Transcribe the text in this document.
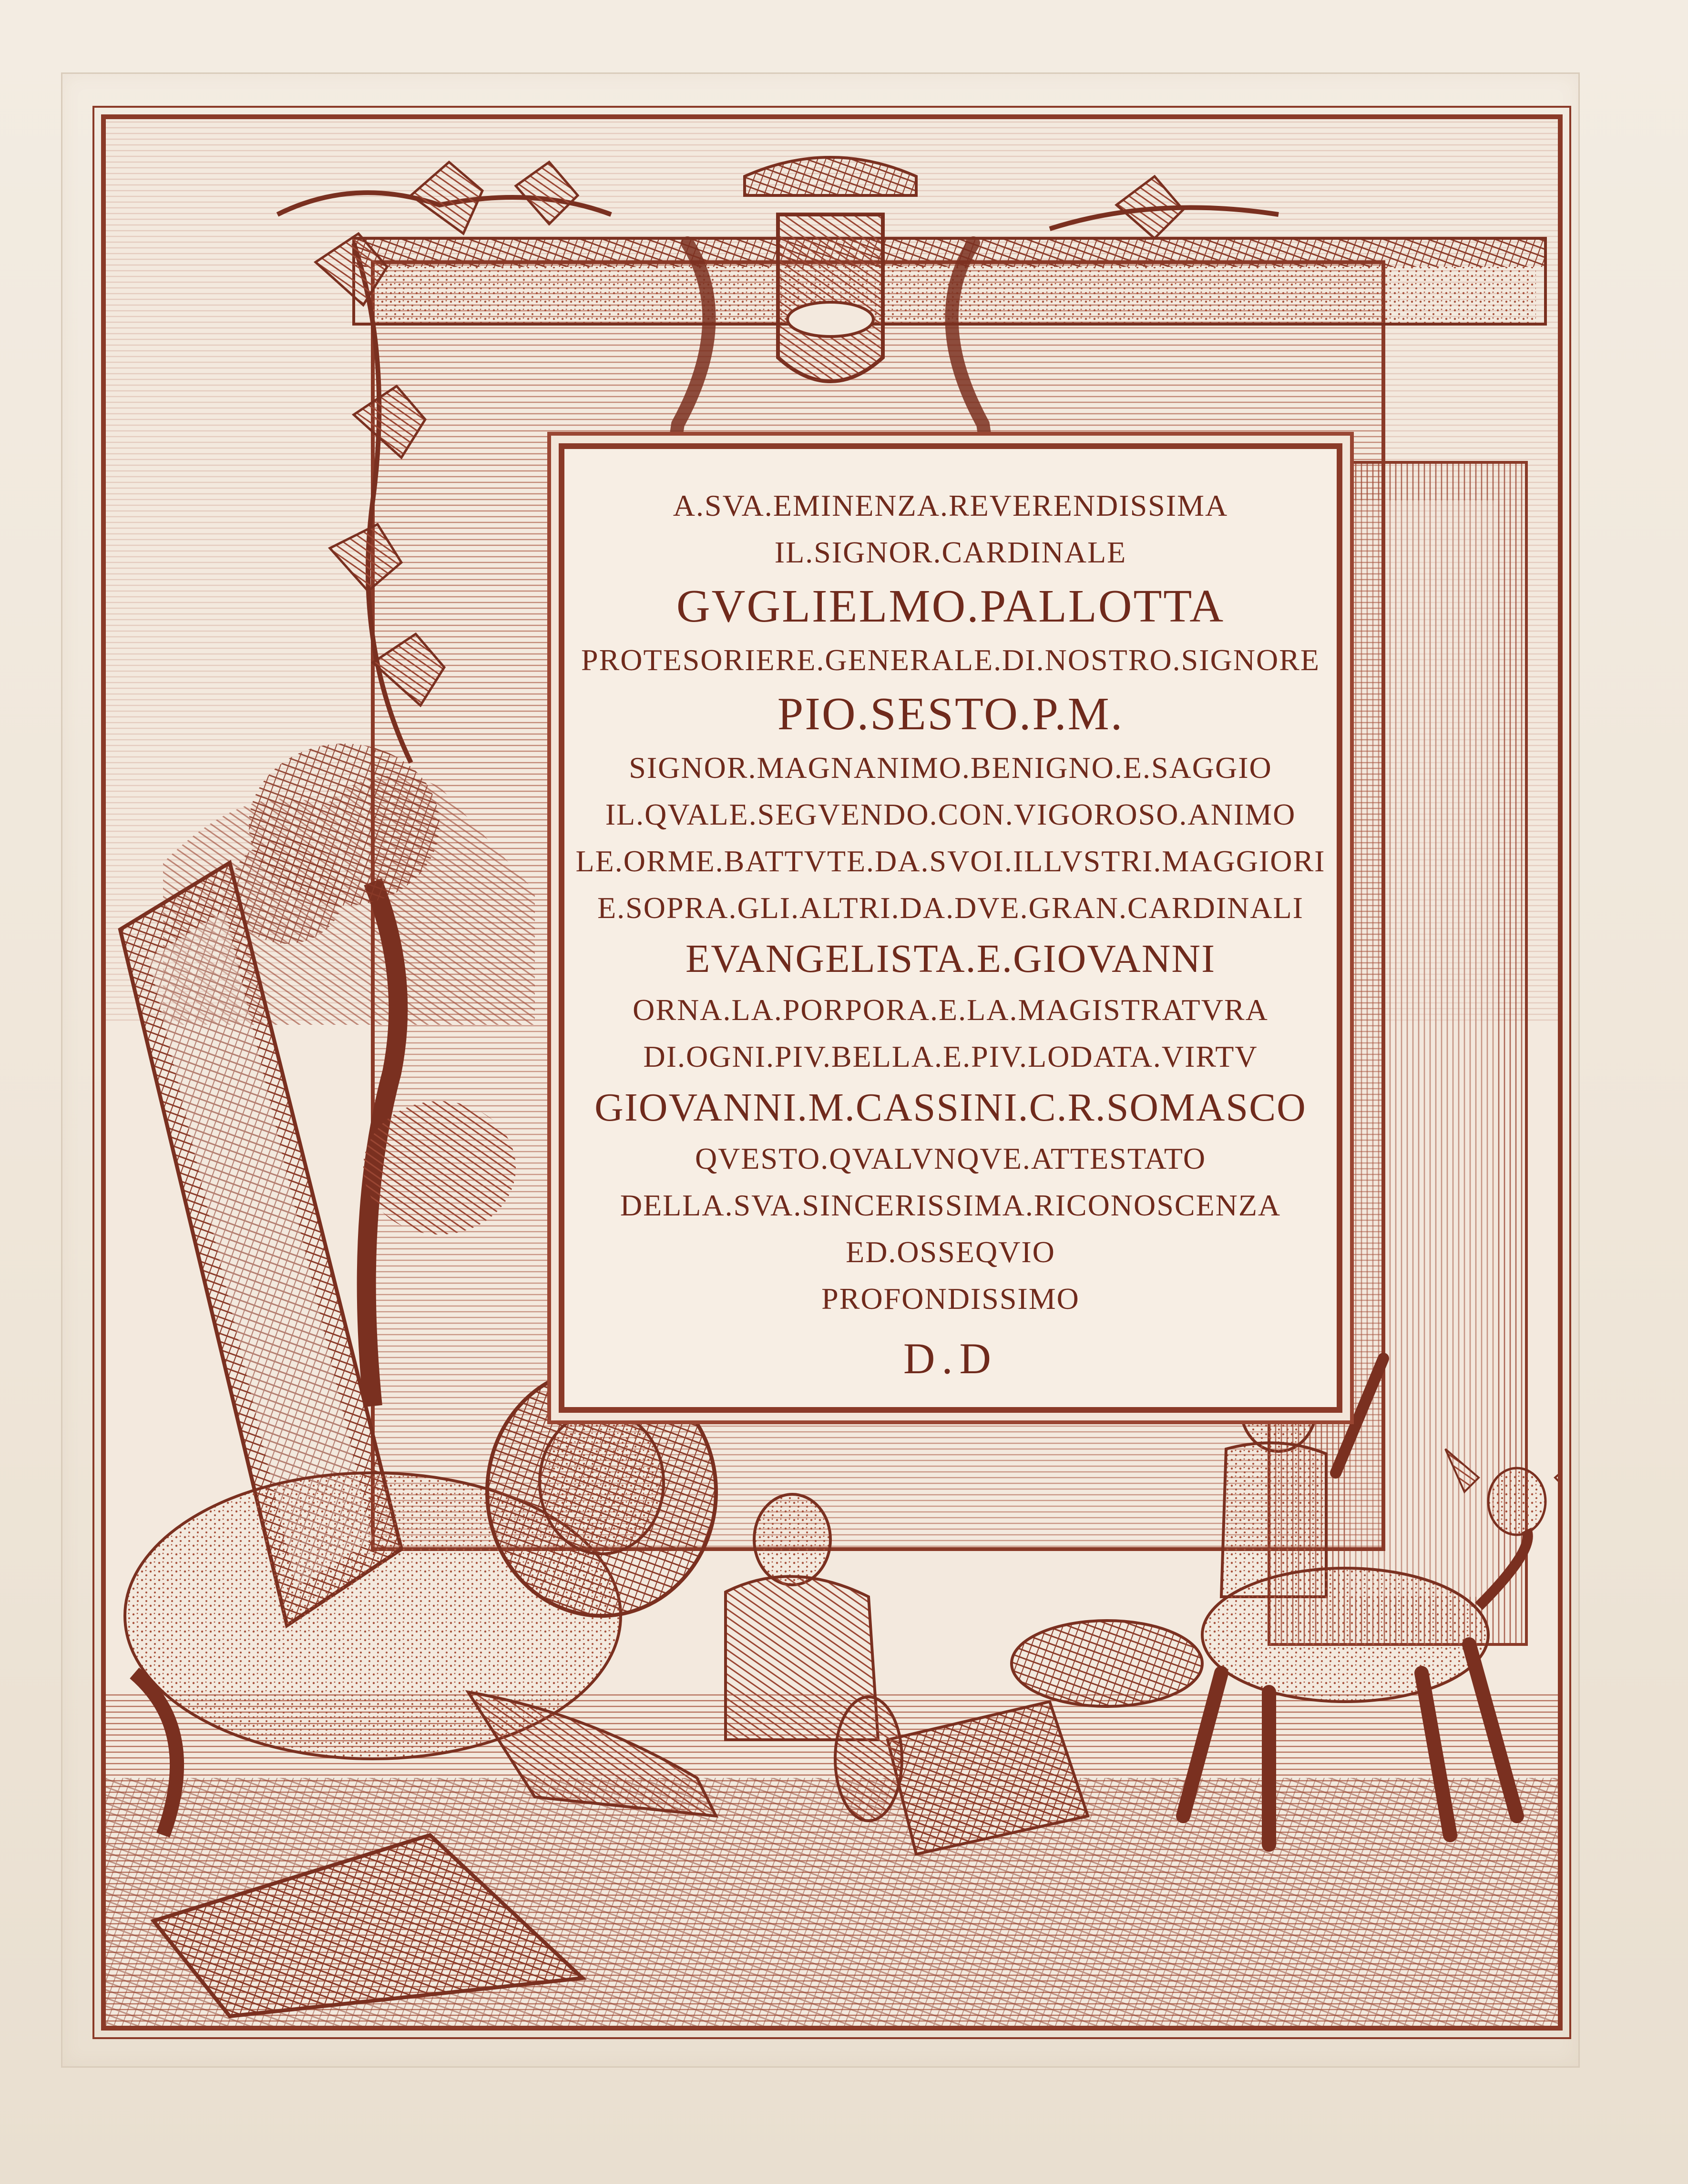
A.SVA.EMINENZA.REVERENDISSIMA
IL.SIGNOR.CARDINALE
GVGLIELMO.PALLOTTA
PROTESORIERE.GENERALE.DI.NOSTRO.SIGNORE
PIO.SESTO.P.M.
SIGNOR.MAGNANIMO.BENIGNO.E.SAGGIO
IL.QVALE.SEGVENDO.CON.VIGOROSO.ANIMO
LE.ORME.BATTVTE.DA.SVOI.ILLVSTRI.MAGGIORI
E.SOPRA.GLI.ALTRI.DA.DVE.GRAN.CARDINALI
EVANGELISTA.E.GIOVANNI
ORNA.LA.PORPORA.E.LA.MAGISTRATVRA
DI.OGNI.PIV.BELLA.E.PIV.LODATA.VIRTV
GIOVANNI.M.CASSINI.C.R.SOMASCO
QVESTO.QVALVNQVE.ATTESTATO
DELLA.SVA.SINCERISSIMA.RICONOSCENZA
ED.OSSEQVIO
PROFONDISSIMO
D.D
